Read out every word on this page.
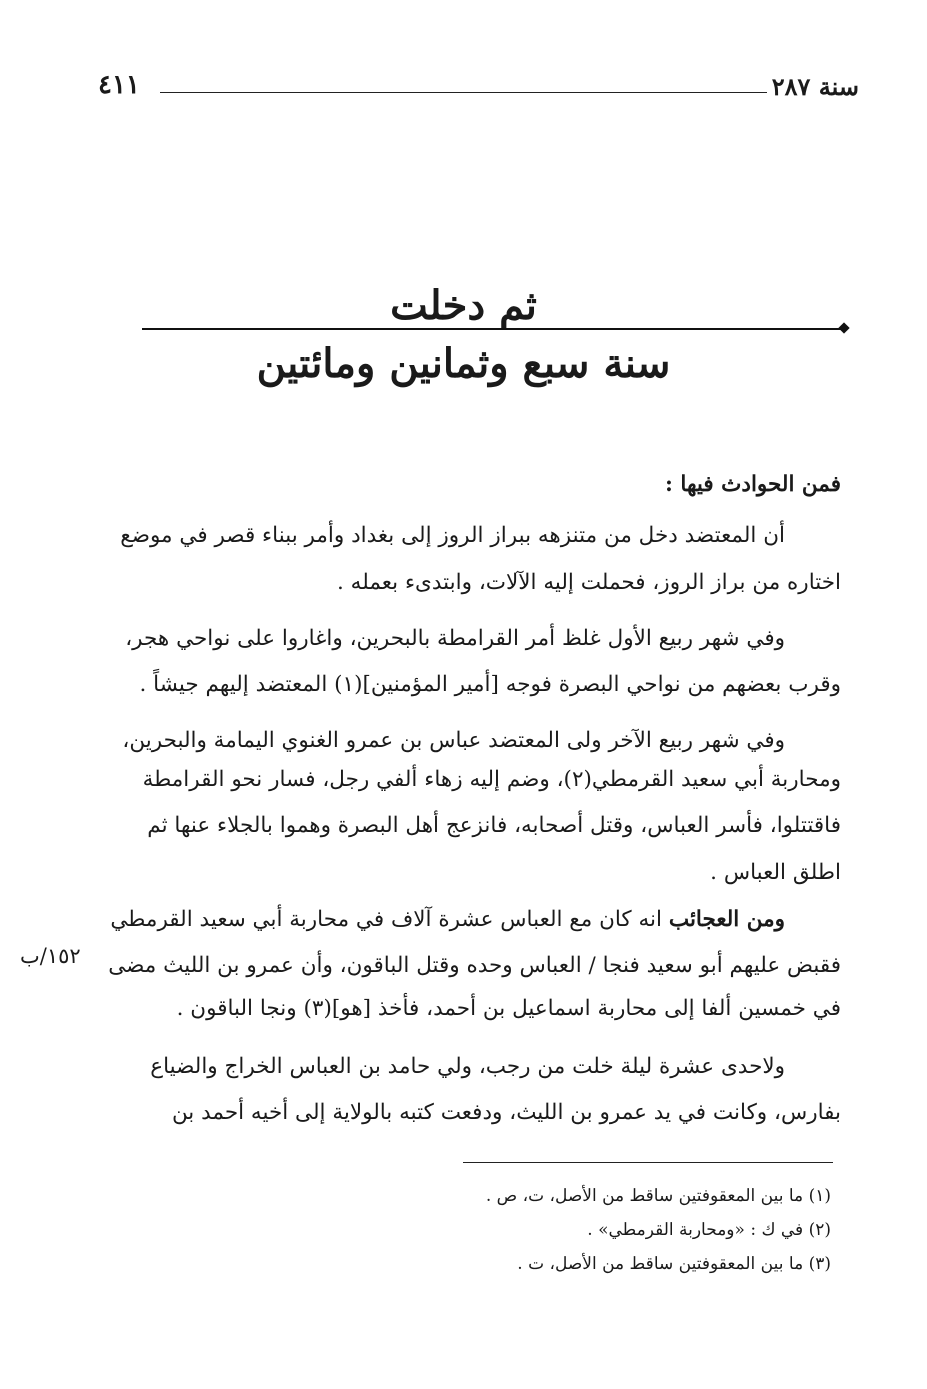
سنة ٢٨٧
٤١١
ثم دخلت
سنة سبع وثمانين ومائتين
فمن الحوادث فيها :
أن المعتضد دخل من متنزهه ببراز الروز إلى بغداد وأمر ببناء قصر في موضع
اختاره من براز الروز، فحملت إليه الآلات، وابتدىء بعمله .
وفي شهر ربيع الأول غلظ أمر القرامطة بالبحرين، واغاروا على نواحي هجر،
وقرب بعضهم من نواحي البصرة فوجه [أمير المؤمنين](١) المعتضد إليهم جيشاً .
وفي شهر ربيع الآخر ولى المعتضد عباس بن عمرو الغنوي اليمامة والبحرين،
ومحاربة أبي سعيد القرمطي(٢)، وضم إليه زهاء ألفي رجل، فسار نحو القرامطة
فاقتتلوا، فأسر العباس، وقتل أصحابه، فانزعج أهل البصرة وهموا بالجلاء عنها ثم
اطلق العباس .
ومن العجائب انه كان مع العباس عشرة آلاف في محاربة أبي سعيد القرمطي
فقبض عليهم أبو سعيد فنجا / العباس وحده وقتل الباقون، وأن عمرو بن الليث مضى
في خمسين ألفا إلى محاربة اسماعيل بن أحمد، فأخذ [هو](٣) ونجا الباقون .
١٥٢/ب
ولاحدى عشرة ليلة خلت من رجب، ولي حامد بن العباس الخراج والضياع
بفارس، وكانت في يد عمرو بن الليث، ودفعت كتبه بالولاية إلى أخيه أحمد بن
(١) ما بين المعقوفتين ساقط من الأصل، ت، ص .
(٢) في ك : «ومحاربة القرمطي» .
(٣) ما بين المعقوفتين ساقط من الأصل، ت .
